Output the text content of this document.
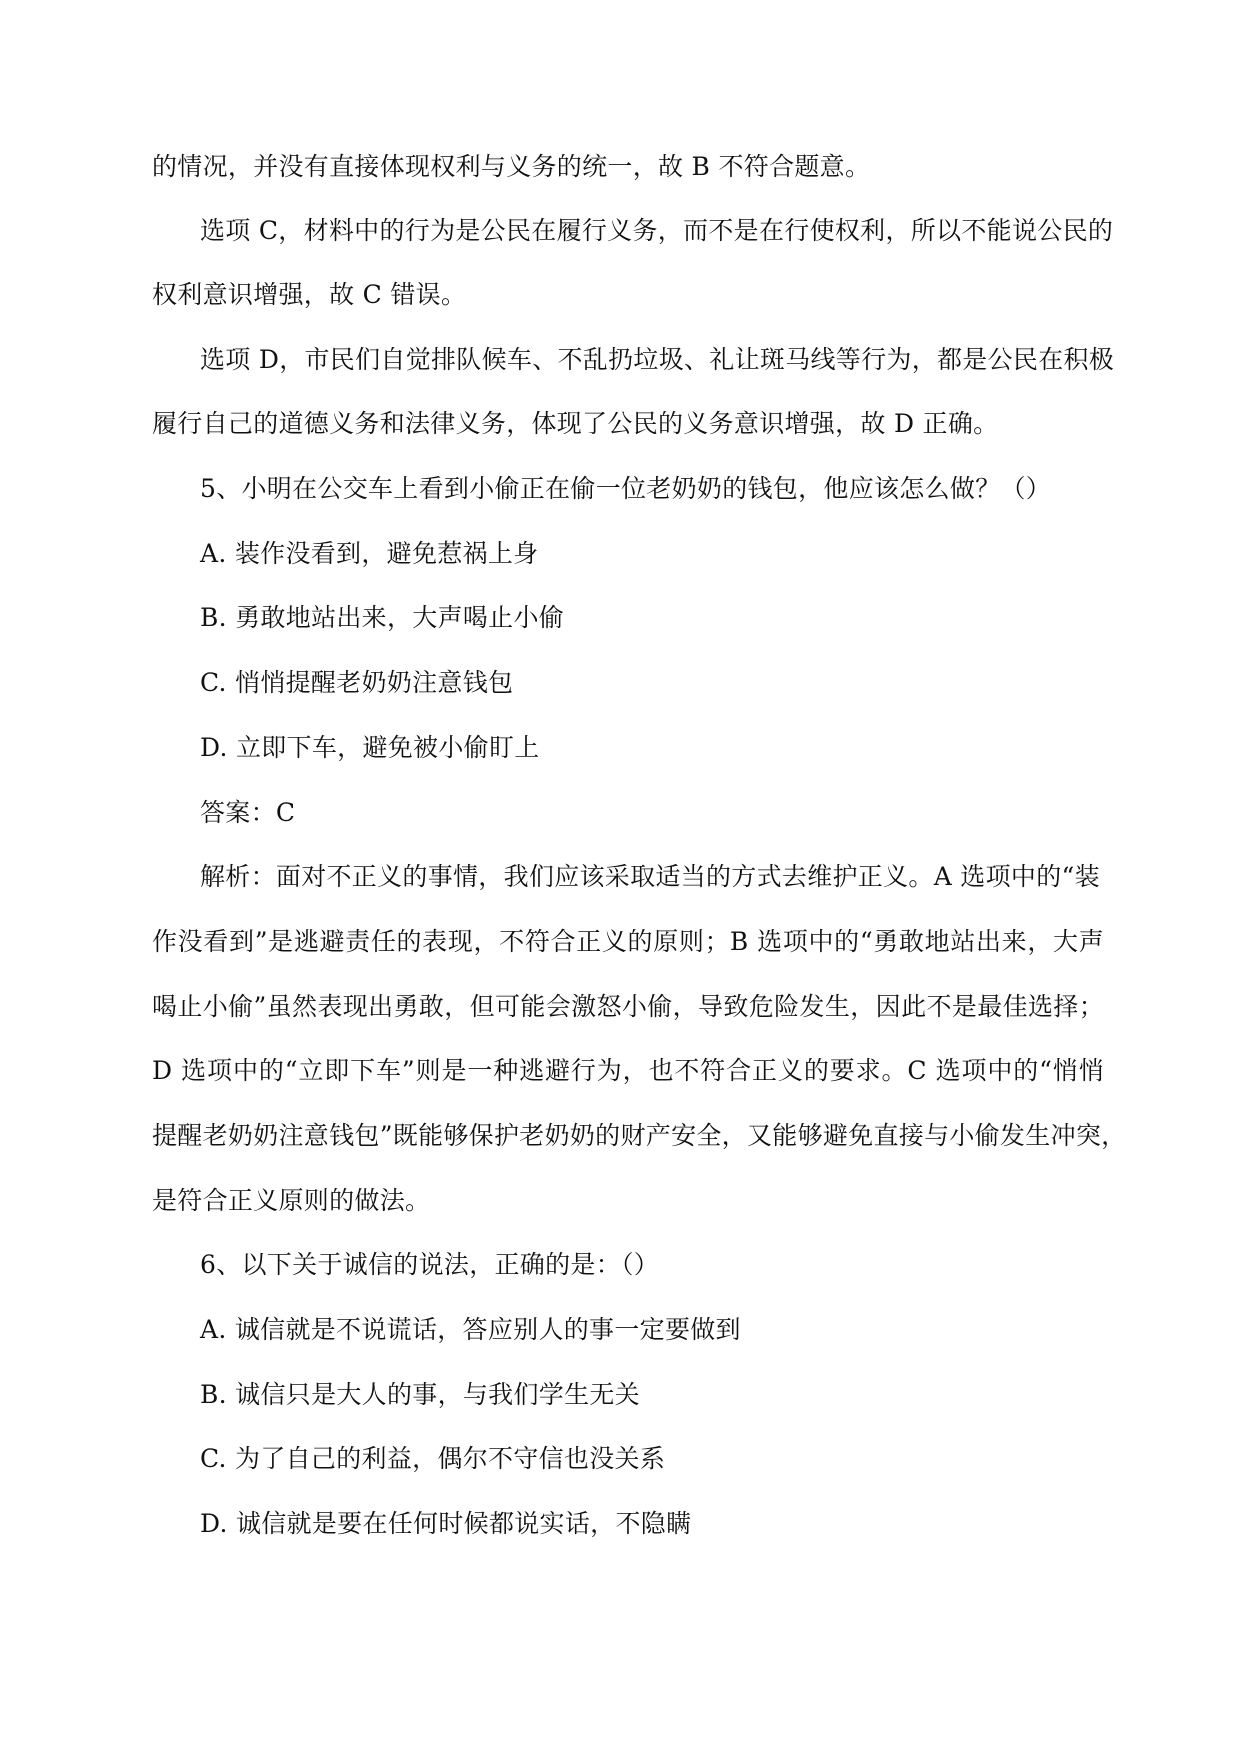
的情况，并没有直接体现权利与义务的统一，故 B 不符合题意。
选项 C，材料中的行为是公民在履行义务，而不是在行使权利，所以不能说公民的
权利意识增强，故 C 错误。
选项 D，市民们自觉排队候车、不乱扔垃圾、礼让斑马线等行为，都是公民在积极
履行自己的道德义务和法律义务，体现了公民的义务意识增强，故 D 正确。
5、小明在公交车上看到小偷正在偷一位老奶奶的钱包，他应该怎么做？（）
A. 装作没看到，避免惹祸上身
B. 勇敢地站出来，大声喝止小偷
C. 悄悄提醒老奶奶注意钱包
D. 立即下车，避免被小偷盯上
答案：C
解析：面对不正义的事情，我们应该采取适当的方式去维护正义。A 选项中的“装
作没看到”是逃避责任的表现，不符合正义的原则；B 选项中的“勇敢地站出来，大声
喝止小偷”虽然表现出勇敢，但可能会激怒小偷，导致危险发生，因此不是最佳选择；
D 选项中的“立即下车”则是一种逃避行为，也不符合正义的要求。C 选项中的“悄悄
提醒老奶奶注意钱包”既能够保护老奶奶的财产安全，又能够避免直接与小偷发生冲突，
是符合正义原则的做法。
6、以下关于诚信的说法，正确的是：（）
A. 诚信就是不说谎话，答应别人的事一定要做到
B. 诚信只是大人的事，与我们学生无关
C. 为了自己的利益，偶尔不守信也没关系
D. 诚信就是要在任何时候都说实话，不隐瞒
